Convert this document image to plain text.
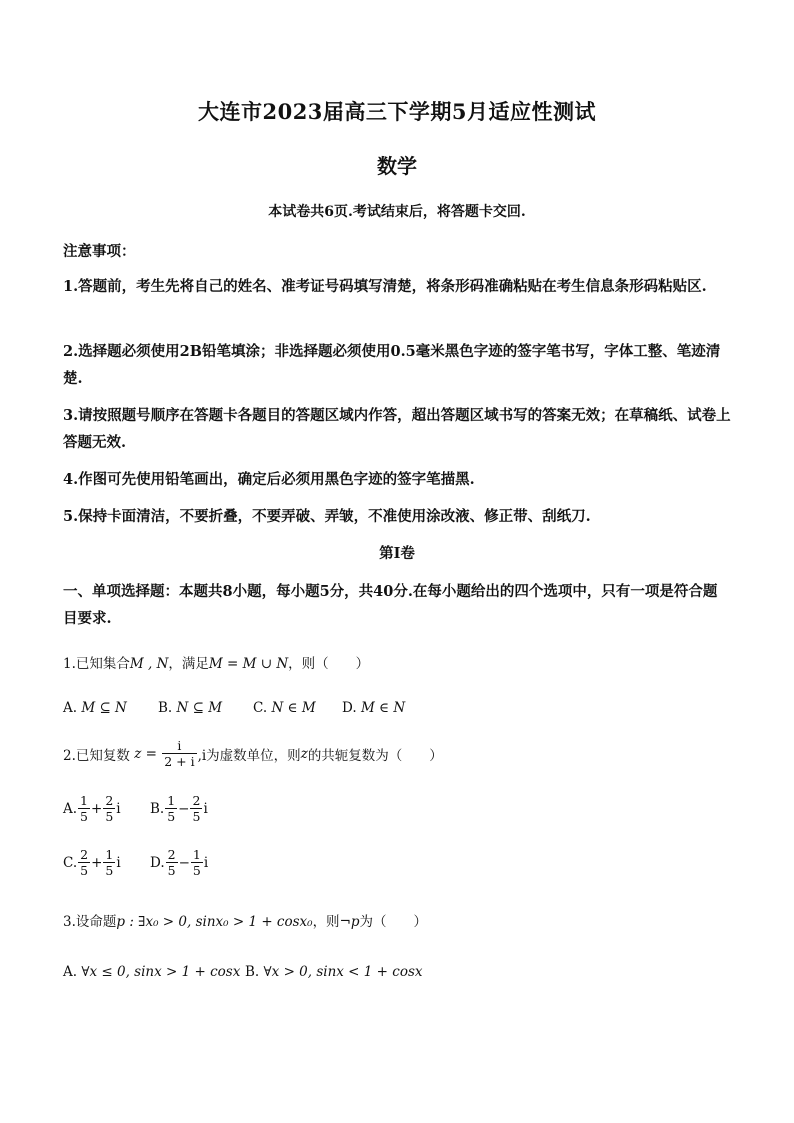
大连市2023届高三下学期5月适应性测试
数学
本试卷共6页.考试结束后，将答题卡交回.
注意事项：
1.答题前，考生先将自己的姓名、准考证号码填写清楚，将条形码准确粘贴在考生信息条形码粘贴区.
2.选择题必须使用2B铅笔填涂；非选择题必须使用0.5毫米黑色字迹的签字笔书写，字体工整、笔迹清楚.
3.请按照题号顺序在答题卡各题目的答题区域内作答，超出答题区域书写的答案无效；在草稿纸、试卷上答题无效.
4.作图可先使用铅笔画出，确定后必须用黑色字迹的签字笔描黑.
5.保持卡面清洁，不要折叠，不要弄破、弄皱，不准使用涂改液、修正带、刮纸刀.
第I卷
一、单项选择题：本题共8小题，每小题5分，共40分.在每小题给出的四个选项中，只有一项是符合题目要求.
1.已知集合M , N，满足M = M ∪ N，则（　　）
A. M ⊆ N B. N ⊆ M C. N ∈ M D. M ∈ N
2.已知复数 $z = \frac{i}{2 + i} ,i$为虚数单位，则z的共轭复数为（　　）
A. $\frac{1}{5} + \frac{2}{5}$ i B. $\frac{1}{5} - \frac{2}{5}$ i
C. $\frac{2}{5} + \frac{1}{5}$ i D. $\frac{2}{5} - \frac{1}{5}$ i
3.设命题p : ∃x₀ > 0, sinx₀ > 1 + cosx₀，则¬p为（　　）
A. ∀x ≤ 0, sinx > 1 + cosx B. ∀x > 0, sinx < 1 + cosx
